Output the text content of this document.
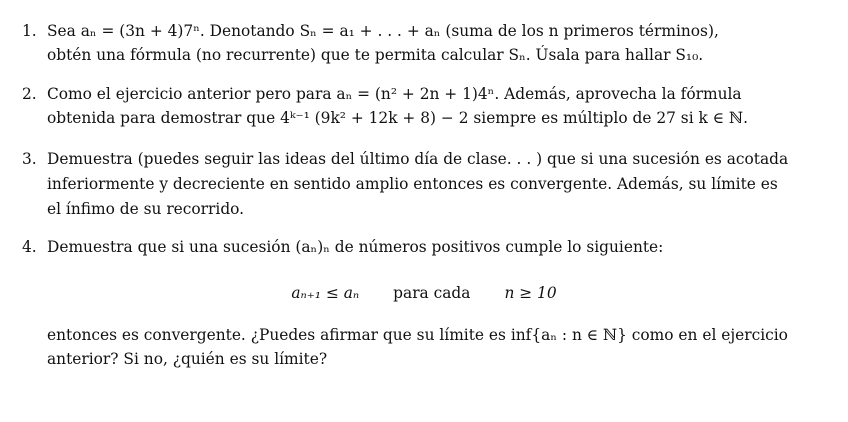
1. Sea aₙ = (3n + 4)7ⁿ. Denotando Sₙ = a₁ + . . . + aₙ (suma de los n primeros términos),
obtén una fórmula (no recurrente) que te permita calcular Sₙ. Úsala para hallar S₁₀.
2. Como el ejercicio anterior pero para aₙ = (n² + 2n + 1)4ⁿ. Además, aprovecha la fórmula
obtenida para demostrar que 4ᵏ⁻¹ (9k² + 12k + 8) − 2 siempre es múltiplo de 27 si k ∈ ℕ.
3. Demuestra (puedes seguir las ideas del último día de clase. . . ) que si una sucesión es acotada
inferiormente y decreciente en sentido amplio entonces es convergente. Además, su límite es
el ínfimo de su recorrido.
4. Demuestra que si una sucesión (aₙ)ₙ de números positivos cumple lo siguiente:
aₙ₊₁ ≤ aₙ para cada n ≥ 10
entonces es convergente. ¿Puedes afirmar que su límite es inf{aₙ : n ∈ ℕ} como en el ejercicio
anterior? Si no, ¿quién es su límite?
